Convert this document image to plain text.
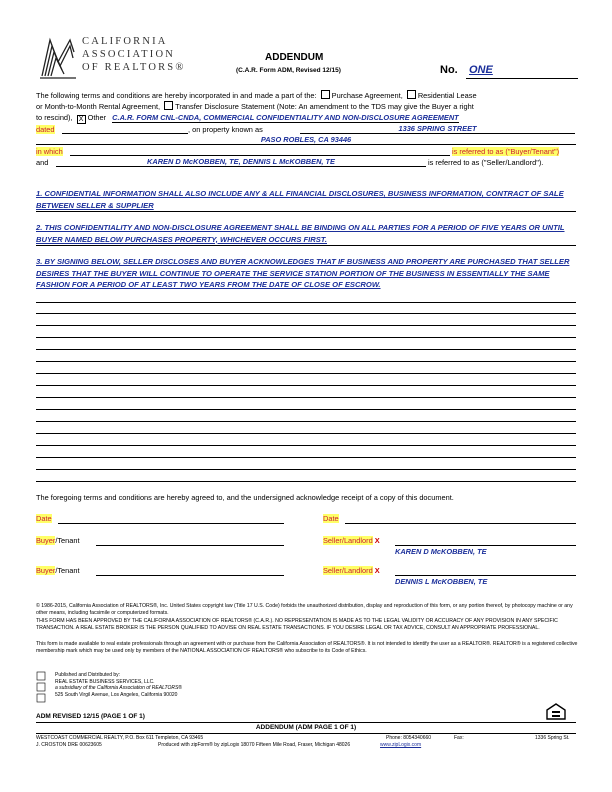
CALIFORNIA
ASSOCIATION
OF REALTORS®
ADDENDUM
(C.A.R. Form ADM, Revised 12/15)	No. ONE
The following terms and conditions are hereby incorporated in and made a part of the: Purchase Agreement, Residential Lease
or Month-to-Month Rental Agreement, Transfer Disclosure Statement (Note: An amendment to the TDS may give the Buyer a right
to rescind), X Other C.A.R. FORM CNL-CNDA, COMMERCIAL CONFIDENTIALITY AND NON-DISCLOSURE AGREEMENT
dated	, on property known as	1336 SPRING STREET
PASO ROBLES, CA 93446
in which	is referred to as ("Buyer/Tenant")
and	KAREN D McKOBBEN, TE, DENNIS L McKOBBEN, TE	is referred to as ("Seller/Landlord").
1. CONFIDENTIAL INFORMATION SHALL ALSO INCLUDE ANY & ALL FINANCIAL DISCLOSURES, BUSINESS INFORMATION, CONTRACT OF SALE BETWEEN SELLER & SUPPLIER
2. THIS CONFIDENTIALITY AND NON-DISCLOSURE AGREEMENT SHALL BE BINDING ON ALL PARTIES FOR A PERIOD OF FIVE YEARS OR UNTIL BUYER NAMED BELOW PURCHASES PROPERTY, WHICHEVER OCCURS FIRST.
3. BY SIGNING BELOW, SELLER DISCLOSES AND BUYER ACKNOWLEDGES THAT IF BUSINESS AND PROPERTY ARE PURCHASED THAT SELLER DESIRES THAT THE BUYER WILL CONTINUE TO OPERATE THE SERVICE STATION PORTION OF THE BUSINESS IN ESSENTIALLY THE SAME FASHION FOR A PERIOD OF AT LEAST TWO YEARS FROM THE DATE OF CLOSE OF ESCROW.
The foregoing terms and conditions are hereby agreed to, and the undersigned acknowledge receipt of a copy of this document.
Date	Date
Buyer/Tenant	Seller/Landlord X
KAREN D McKOBBEN, TE
Buyer/Tenant	Seller/Landlord X
DENNIS L McKOBBEN, TE
© 1986-2015, California Association of REALTORS®, Inc. United States copyright law (Title 17 U.S. Code) forbids the unauthorized distribution, display and reproduction of this form, or any portion thereof, by photocopy machine or any other means, including facsimile or computerized formats.
THIS FORM HAS BEEN APPROVED BY THE CALIFORNIA ASSOCIATION OF REALTORS® (C.A.R.). NO REPRESENTATION IS MADE AS TO THE LEGAL VALIDITY OR ACCURACY OF ANY PROVISION IN ANY SPECIFIC TRANSACTION. A REAL ESTATE BROKER IS THE PERSON QUALIFIED TO ADVISE ON REAL ESTATE TRANSACTIONS. IF YOU DESIRE LEGAL OR TAX ADVICE, CONSULT AN APPROPRIATE PROFESSIONAL.
This form is made available to real estate professionals through an agreement with or purchase from the California Association of REALTORS®. It is not intended to identify the user as a REALTOR®. REALTOR® is a registered collective membership mark which may be used only by members of the NATIONAL ASSOCIATION OF REALTORS® who subscribe to its Code of Ethics.
Published and Distributed by:
REAL ESTATE BUSINESS SERVICES, LLC.
a subsidiary of the California Association of REALTORS®
525 South Virgil Avenue, Los Angeles, California 90020
ADM REVISED 12/15 (PAGE 1 OF 1)
ADDENDUM (ADM PAGE 1 OF 1)
WESTCOAST COMMERCIAL REALTY, P.O. Box 611 Templeton, CA 93465	Phone: 8054340660	Fax:	1336 Spring St.
J. CROSTON DRE 00623605	Produced with zipForm® by zipLogix 18070 Fifteen Mile Road, Fraser, Michigan 48026	www.zipLogix.com
